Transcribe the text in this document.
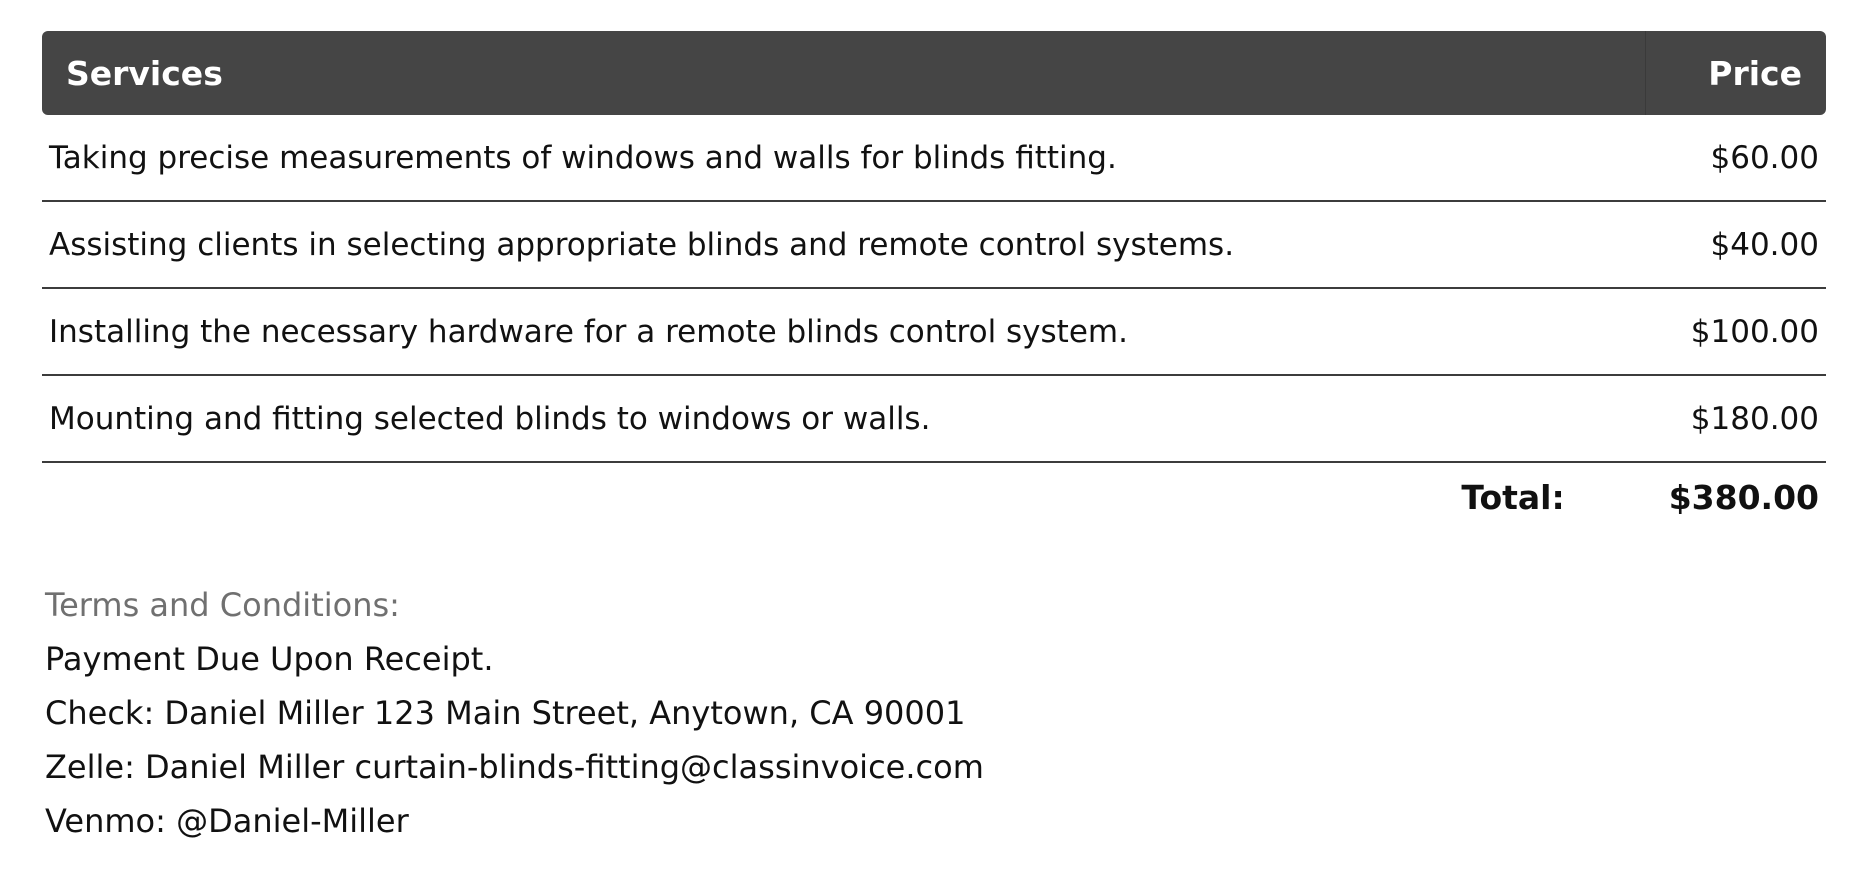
Services	Price
Taking precise measurements of windows and walls for blinds fitting.	$60.00
Assisting clients in selecting appropriate blinds and remote control systems.	$40.00
Installing the necessary hardware for a remote blinds control system.	$100.00
Mounting and fitting selected blinds to windows or walls.	$180.00
Total:	$380.00
Terms and Conditions:
Payment Due Upon Receipt.
Check: Daniel Miller 123 Main Street, Anytown, CA 90001
Zelle: Daniel Miller curtain-blinds-fitting@classinvoice.com
Venmo: @Daniel-Miller
